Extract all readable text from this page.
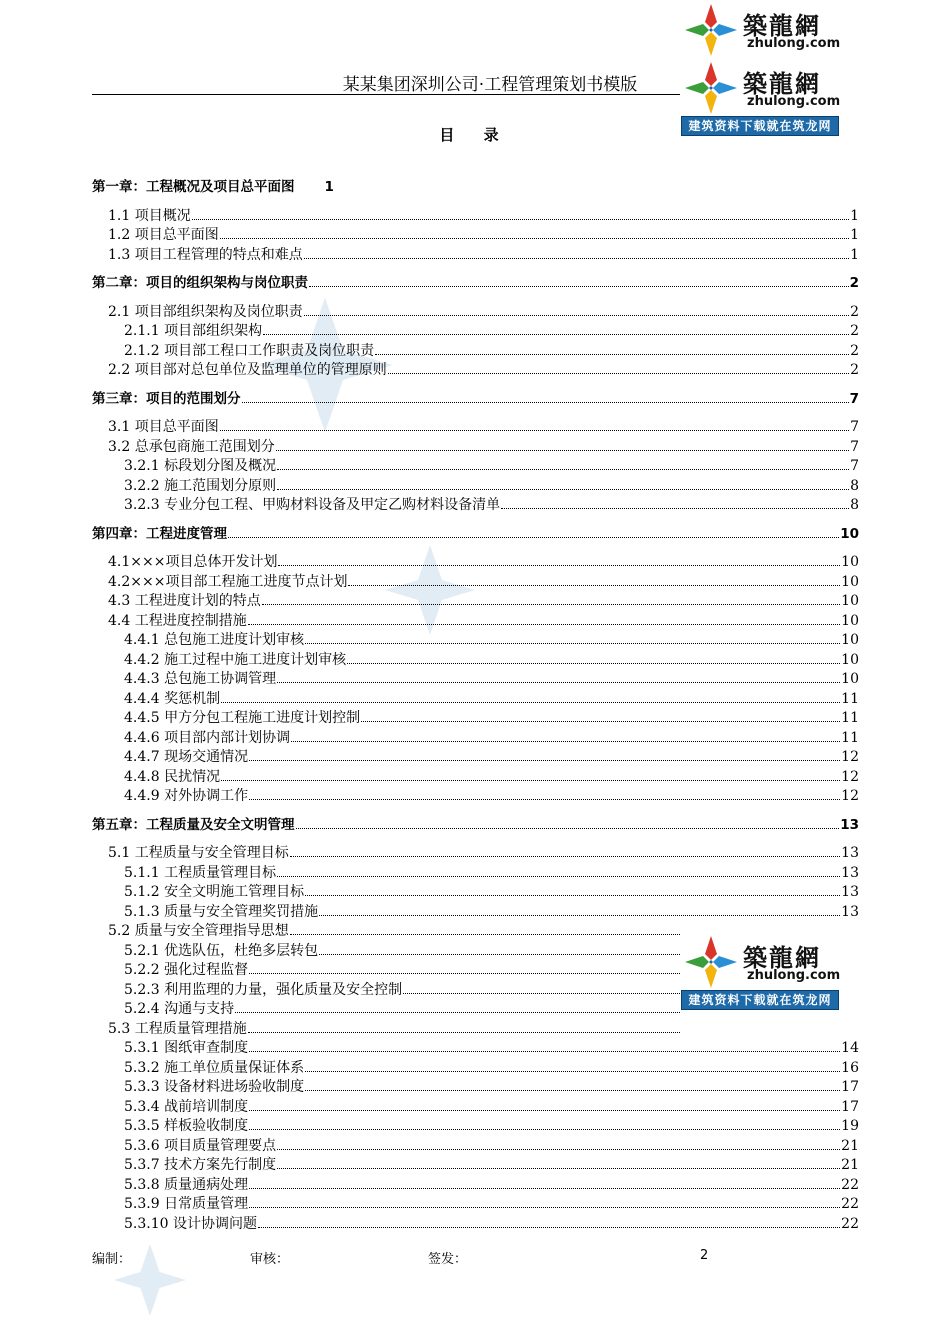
某某集团深圳公司·工程管理策划书模版
築龍網
zhulong.com
築龍網
zhulong.com
建筑资料下载就在筑龙网
築龍網
zhulong.com
建筑资料下载就在筑龙网
目 录
第一章：工程概况及项目总平面图 1
1.1 项目概况	1
1.2 项目总平面图	1
1.3 项目工程管理的特点和难点	1
第二章：项目的组织架构与岗位职责	2
2.1 项目部组织架构及岗位职责	2
2.1.1 项目部组织架构	2
2.1.2 项目部工程口工作职责及岗位职责	2
2.2 项目部对总包单位及监理单位的管理原则	2
第三章：项目的范围划分	7
3.1 项目总平面图	7
3.2 总承包商施工范围划分	7
3.2.1 标段划分图及概况	7
3.2.2 施工范围划分原则	8
3.2.3 专业分包工程、甲购材料设备及甲定乙购材料设备清单	8
第四章：工程进度管理	10
4.1×××项目总体开发计划	10
4.2×××项目部工程施工进度节点计划	10
4.3 工程进度计划的特点	10
4.4 工程进度控制措施	10
4.4.1 总包施工进度计划审核	10
4.4.2 施工过程中施工进度计划审核	10
4.4.3 总包施工协调管理	10
4.4.4 奖惩机制	11
4.4.5 甲方分包工程施工进度计划控制	11
4.4.6 项目部内部计划协调	11
4.4.7 现场交通情况	12
4.4.8 民扰情况	12
4.4.9 对外协调工作	12
第五章：工程质量及安全文明管理	13
5.1 工程质量与安全管理目标	13
5.1.1 工程质量管理目标	13
5.1.2 安全文明施工管理目标	13
5.1.3 质量与安全管理奖罚措施	13
5.2 质量与安全管理指导思想
5.2.1 优选队伍，杜绝多层转包
5.2.2 强化过程监督
5.2.3 利用监理的力量，强化质量及安全控制
5.2.4 沟通与支持
5.3 工程质量管理措施
5.3.1 图纸审查制度	14
5.3.2 施工单位质量保证体系	16
5.3.3 设备材料进场验收制度	17
5.3.4 战前培训制度	17
5.3.5 样板验收制度	19
5.3.6 项目质量管理要点	21
5.3.7 技术方案先行制度	21
5.3.8 质量通病处理	22
5.3.9 日常质量管理	22
5.3.10 设计协调问题	22
编制：	审核：	签发：	2
